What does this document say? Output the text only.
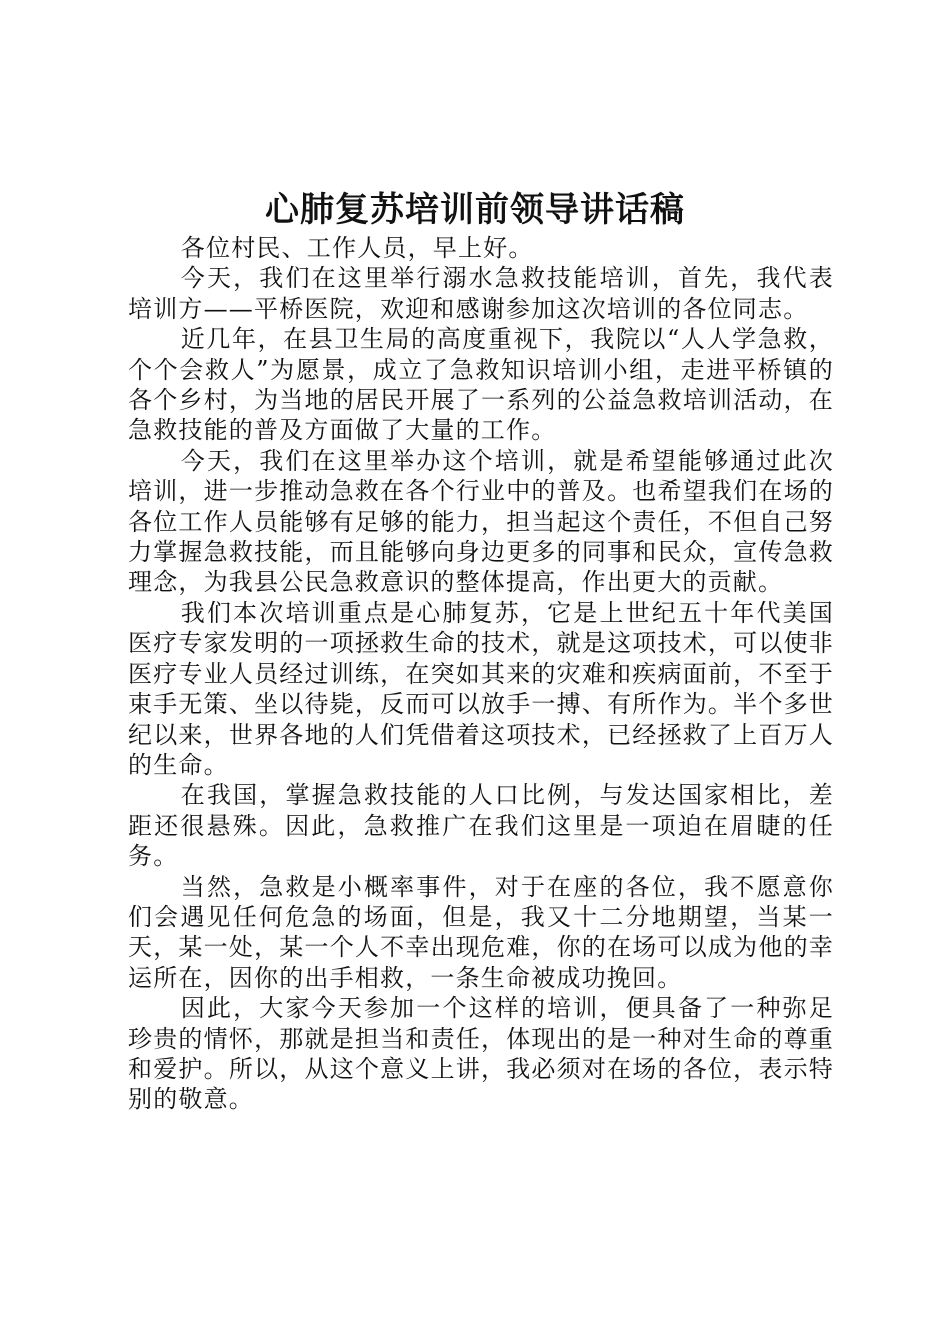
心肺复苏培训前领导讲话稿

各位村民、工作人员，早上好。

今天，我们在这里举行溺水急救技能培训，首先，我代表培训方——平桥医院，欢迎和感谢参加这次培训的各位同志。

近几年，在县卫生局的高度重视下，我院以“人人学急救，个个会救人”为愿景，成立了急救知识培训小组，走进平桥镇的各个乡村，为当地的居民开展了一系列的公益急救培训活动，在急救技能的普及方面做了大量的工作。

今天，我们在这里举办这个培训，就是希望能够通过此次培训，进一步推动急救在各个行业中的普及。也希望我们在场的各位工作人员能够有足够的能力，担当起这个责任，不但自己努力掌握急救技能，而且能够向身边更多的同事和民众，宣传急救理念，为我县公民急救意识的整体提高，作出更大的贡献。

我们本次培训重点是心肺复苏，它是上世纪五十年代美国医疗专家发明的一项拯救生命的技术，就是这项技术，可以使非医疗专业人员经过训练，在突如其来的灾难和疾病面前，不至于束手无策、坐以待毙，反而可以放手一搏、有所作为。半个多世纪以来，世界各地的人们凭借着这项技术，已经拯救了上百万人的生命。

在我国，掌握急救技能的人口比例，与发达国家相比，差距还很悬殊。因此，急救推广在我们这里是一项迫在眉睫的任务。

当然，急救是小概率事件，对于在座的各位，我不愿意你们会遇见任何危急的场面，但是，我又十二分地期望，当某一天，某一处，某一个人不幸出现危难，你的在场可以成为他的幸运所在，因你的出手相救，一条生命被成功挽回。

因此，大家今天参加一个这样的培训，便具备了一种弥足珍贵的情怀，那就是担当和责任，体现出的是一种对生命的尊重和爱护。所以，从这个意义上讲，我必须对在场的各位，表示特别的敬意。
